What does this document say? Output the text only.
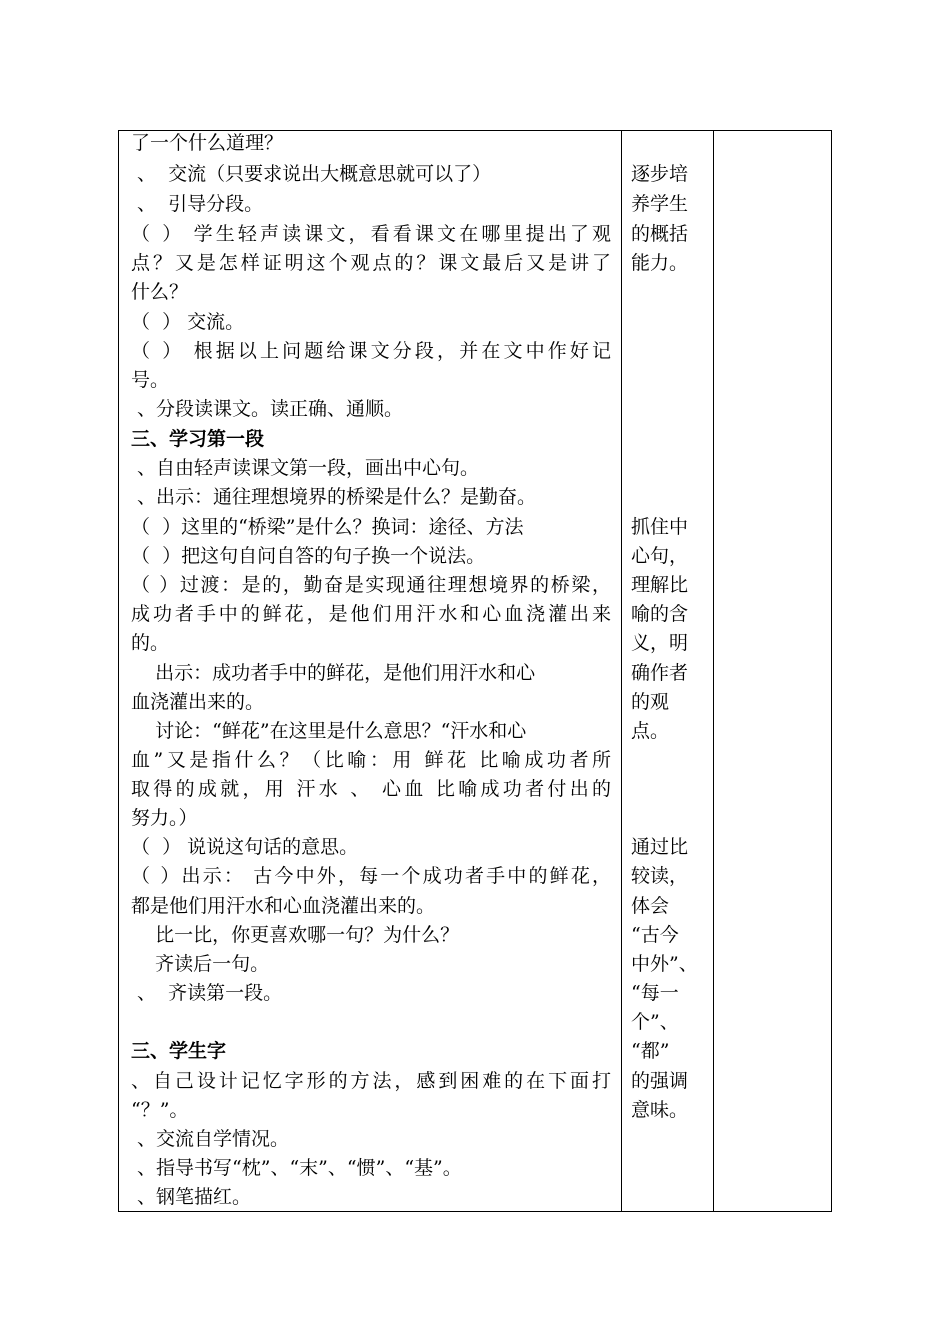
了一个什么道理？
、  交流（只要求说出大概意思就可以了）
、  引导分段。
（ ） 学生轻声读课文，看看课文在哪里提出了观
点？又是怎样证明这个观点的？课文最后又是讲了
什么？
（  ） 交流。
（ ） 根据以上问题给课文分段，并在文中作好记
号。
、分段读课文。读正确、通顺。
三、学习第一段
、自由轻声读课文第一段，画出中心句。
、出示：通往理想境界的桥梁是什么？是勤奋。
（  ）这里的“桥梁”是什么？换词：途径、方法
（  ）把这句自问自答的句子换一个说法。
（ ）过渡：是的，勤奋是实现通往理想境界的桥梁，
成功者手中的鲜花，是他们用汗水和心血浇灌出来
的。
出示：成功者手中的鲜花，是他们用汗水和心
血浇灌出来的。
讨论：“鲜花”在这里是什么意思？“汗水和心
血”又是指什么？（比喻：用 鲜花 比喻成功者所
取得的成就，用 汗水 、 心血 比喻成功者付出的
努力。）
（  ） 说说这句话的意思。
（ ）出示： 古今中外，每一个成功者手中的鲜花，
都是他们用汗水和心血浇灌出来的。
比一比，你更喜欢哪一句？为什么？
齐读后一句。
、  齐读第一段。
三、学生字
、自己设计记忆字形的方法，感到困难的在下面打
“？”。
、交流自学情况。
、指导书写“枕”、“末”、“惯”、“基”。
、钢笔描红。
逐步培
养学生
的概括
能力。
抓住中
心句，
理解比
喻的含
义，明
确作者
的观
点。
通过比
较读，
体会
“古今
中外”、
“每一
个”、
“都”
的强调
意味。
